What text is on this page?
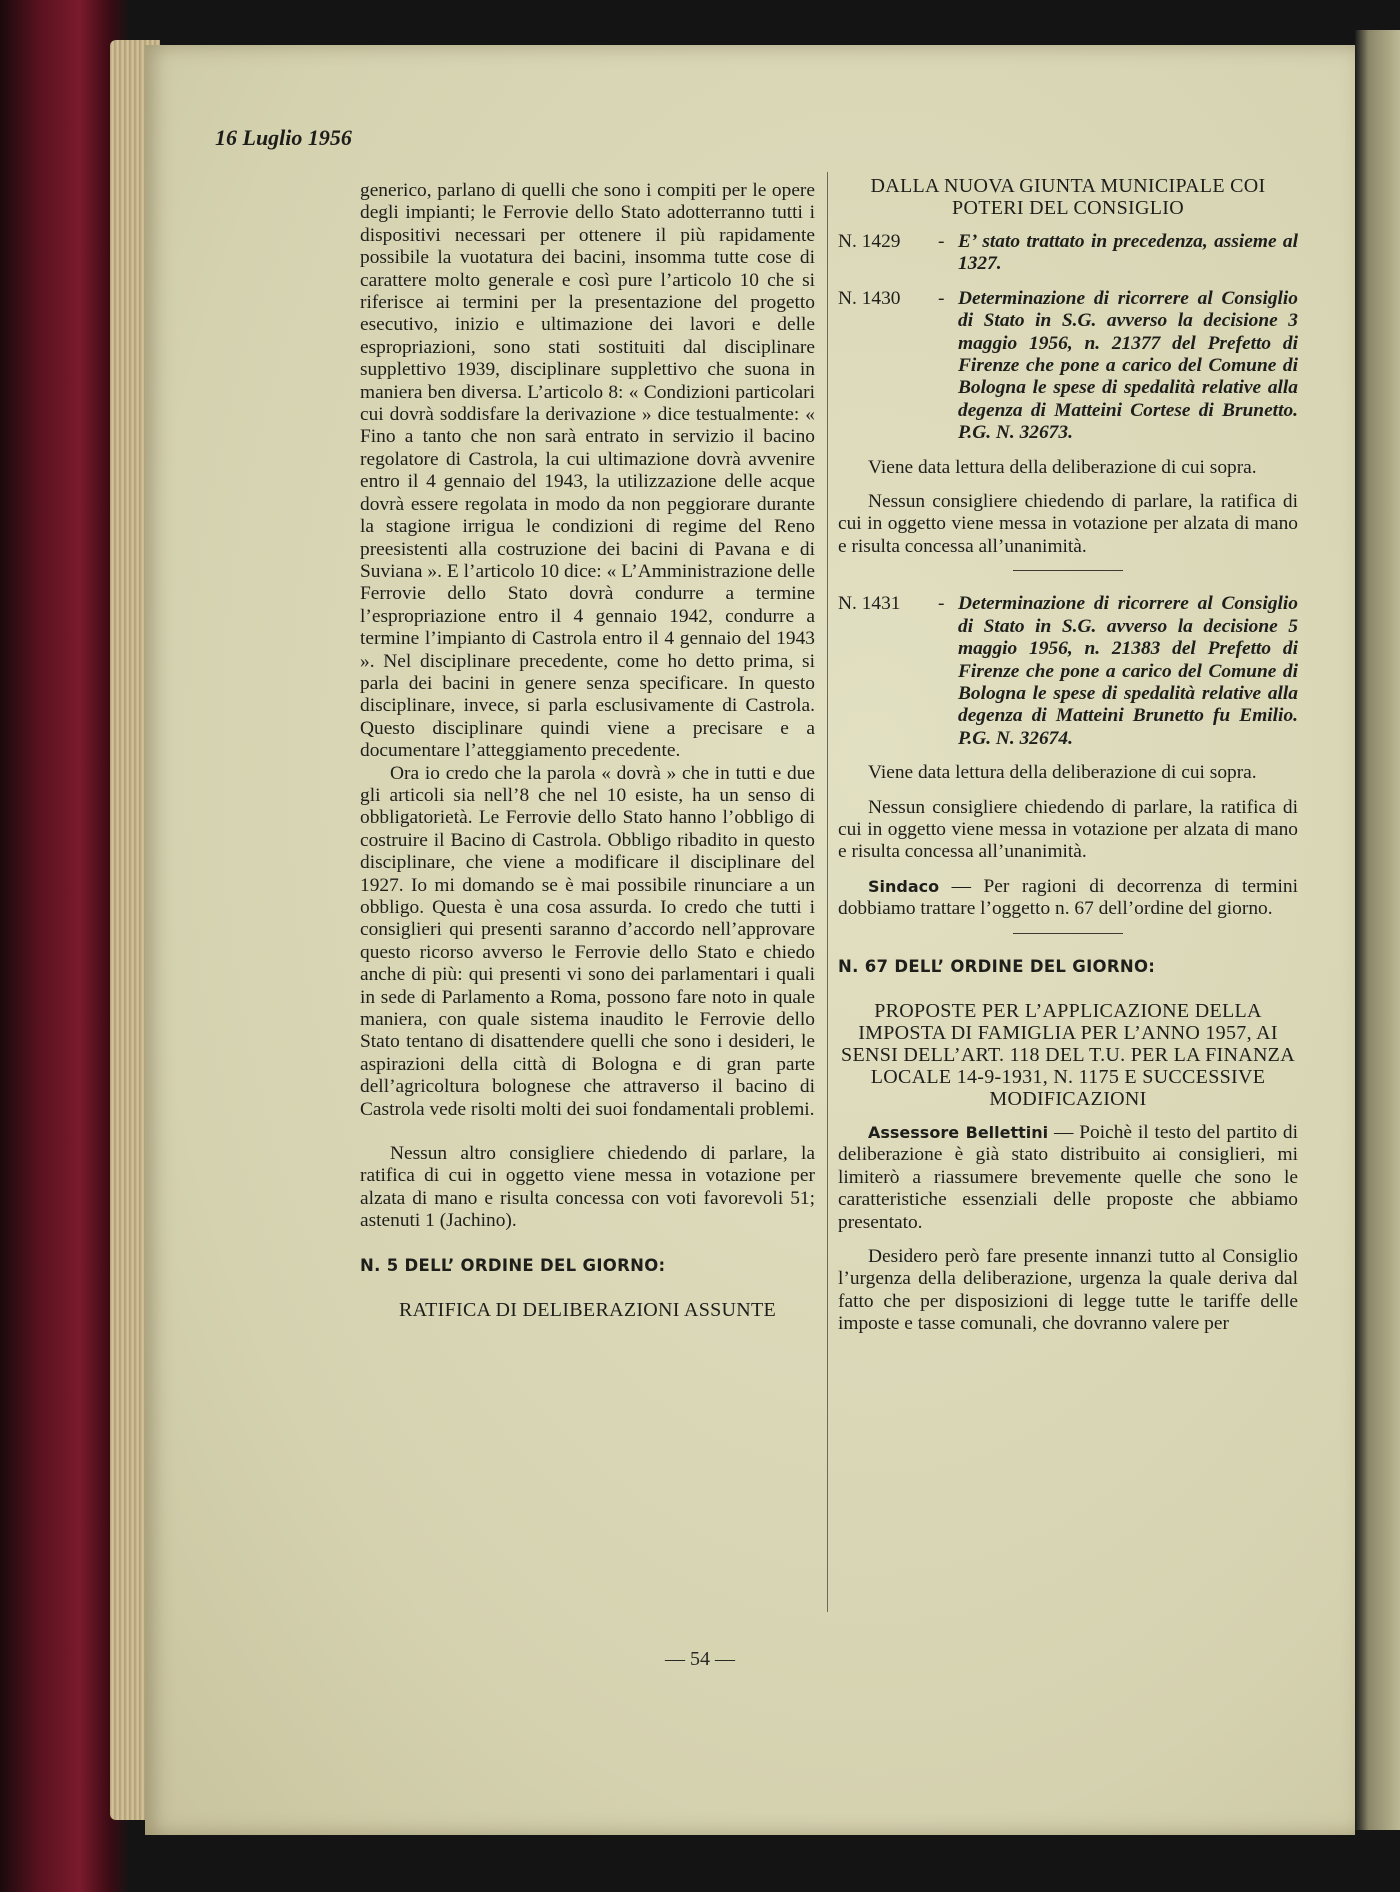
16 Luglio 1956

generico, parlano di quelli che sono i compiti per le opere degli impianti; le Ferrovie dello Stato adotterranno tutti i dispositivi necessari per ottenere il più rapidamente possibile la vuotatura dei bacini, insomma tutte cose di carattere molto generale e così pure l’articolo 10 che si riferisce ai termini per la presentazione del progetto esecutivo, inizio e ultimazione dei lavori e delle espropriazioni, sono stati sostituiti dal disciplinare supplettivo 1939, disciplinare supplettivo che suona in maniera ben diversa. L’articolo 8: « Condizioni particolari cui dovrà soddisfare la derivazione » dice testualmente: « Fino a tanto che non sarà entrato in servizio il bacino regolatore di Castrola, la cui ultimazione dovrà avvenire entro il 4 gennaio del 1943, la utilizzazione delle acque dovrà essere regolata in modo da non peggiorare durante la stagione irrigua le condizioni di regime del Reno preesistenti alla costruzione dei bacini di Pavana e di Suviana ». E l’articolo 10 dice: « L’Amministrazione delle Ferrovie dello Stato dovrà condurre a termine l’espropriazione entro il 4 gennaio 1942, condurre a termine l’impianto di Castrola entro il 4 gennaio del 1943 ». Nel disciplinare precedente, come ho detto prima, si parla dei bacini in genere senza specificare. In questo disciplinare, invece, si parla esclusivamente di Castrola. Questo disciplinare quindi viene a precisare e a documentare l’atteggiamento precedente.

Ora io credo che la parola « dovrà » che in tutti e due gli articoli sia nell’8 che nel 10 esiste, ha un senso di obbligatorietà. Le Ferrovie dello Stato hanno l’obbligo di costruire il Bacino di Castrola. Obbligo ribadito in questo disciplinare, che viene a modificare il disciplinare del 1927. Io mi domando se è mai possibile rinunciare a un obbligo. Questa è una cosa assurda. Io credo che tutti i consiglieri qui presenti saranno d’accordo nell’approvare questo ricorso avverso le Ferrovie dello Stato e chiedo anche di più: qui presenti vi sono dei parlamentari i quali in sede di Parlamento a Roma, possono fare noto in quale maniera, con quale sistema inaudito le Ferrovie dello Stato tentano di disattendere quelli che sono i desideri, le aspirazioni della città di Bologna e di gran parte dell’agricoltura bolognese che attraverso il bacino di Castrola vede risolti molti dei suoi fondamentali problemi.

Nessun altro consigliere chiedendo di parlare, la ratifica di cui in oggetto viene messa in votazione per alzata di mano e risulta concessa con voti favorevoli 51; astenuti 1 (Jachino).

N. 5 DELL’ ORDINE DEL GIORNO:

RATIFICA DI DELIBERAZIONI ASSUNTE

DALLA NUOVA GIUNTA MUNICIPALE COI POTERI DEL CONSIGLIO

N. 1429	- E’ stato trattato in precedenza, assieme al 1327.
N. 1430	- Determinazione di ricorrere al Consiglio di Stato in S.G. avverso la decisione 3 maggio 1956, n. 21377 del Prefetto di Firenze che pone a carico del Comune di Bologna le spese di spedalità relative alla degenza di Matteini Cortese di Brunetto. P.G. N. 32673.

Viene data lettura della deliberazione di cui sopra.

Nessun consigliere chiedendo di parlare, la ratifica di cui in oggetto viene messa in votazione per alzata di mano e risulta concessa all’unanimità.

N. 1431	- Determinazione di ricorrere al Consiglio di Stato in S.G. avverso la decisione 5 maggio 1956, n. 21383 del Prefetto di Firenze che pone a carico del Comune di Bologna le spese di spedalità relative alla degenza di Matteini Brunetto fu Emilio. P.G. N. 32674.

Viene data lettura della deliberazione di cui sopra.

Nessun consigliere chiedendo di parlare, la ratifica di cui in oggetto viene messa in votazione per alzata di mano e risulta concessa all’unanimità.

Sindaco — Per ragioni di decorrenza di termini dobbiamo trattare l’oggetto n. 67 dell’ordine del giorno.

N. 67 DELL’ ORDINE DEL GIORNO:

PROPOSTE PER L’APPLICAZIONE DELLA IMPOSTA DI FAMIGLIA PER L’ANNO 1957, AI SENSI DELL’ART. 118 DEL T.U. PER LA FINANZA LOCALE 14-9-1931, N. 1175 E SUCCESSIVE MODIFICAZIONI

Assessore Bellettini — Poichè il testo del partito di deliberazione è già stato distribuito ai consiglieri, mi limiterò a riassumere brevemente quelle che sono le caratteristiche essenziali delle proposte che abbiamo presentato.

Desidero però fare presente innanzi tutto al Consiglio l’urgenza della deliberazione, urgenza la quale deriva dal fatto che per disposizioni di legge tutte le tariffe delle imposte e tasse comunali, che dovranno valere per

— 54 —
